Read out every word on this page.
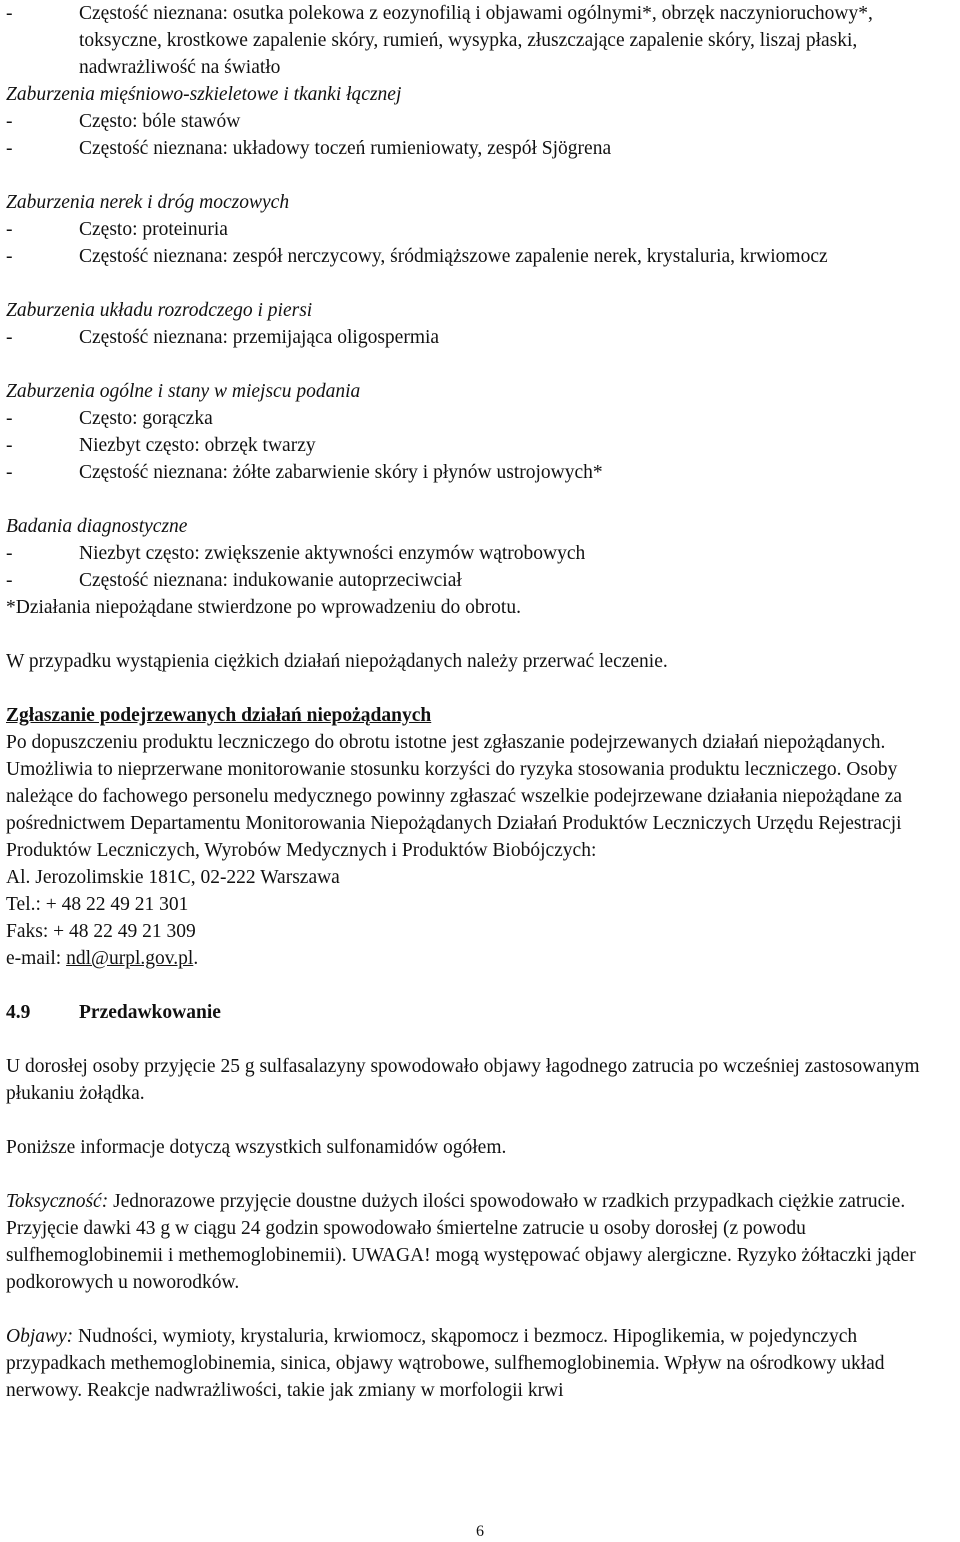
-	Częstość nieznana: osutka polekowa z eozynofilią i objawami ogólnymi*, obrzęk naczynioruchowy*, toksyczne, krostkowe zapalenie skóry, rumień, wysypka, złuszczające zapalenie skóry, liszaj płaski, nadwrażliwość na światło
Zaburzenia mięśniowo-szkieletowe i tkanki łącznej
-	Często: bóle stawów
-	Częstość nieznana: układowy toczeń rumieniowaty, zespół Sjögrena
Zaburzenia nerek i dróg moczowych
-	Często: proteinuria
-	Częstość nieznana: zespół nerczycowy, śródmiąższowe zapalenie nerek, krystaluria, krwiomocz
Zaburzenia układu rozrodczego i piersi
-	Częstość nieznana: przemijająca oligospermia
Zaburzenia ogólne i stany w miejscu podania
-	Często: gorączka
-	Niezbyt często: obrzęk twarzy
-	Częstość nieznana: żółte zabarwienie skóry i płynów ustrojowych*
Badania diagnostyczne
-	Niezbyt często: zwiększenie aktywności enzymów wątrobowych
-	Częstość nieznana: indukowanie autoprzeciwciał

*Działania niepożądane stwierdzone po wprowadzeniu do obrotu.

W przypadku wystąpienia ciężkich działań niepożądanych należy przerwać leczenie.

Zgłaszanie podejrzewanych działań niepożądanych

Po dopuszczeniu produktu leczniczego do obrotu istotne jest zgłaszanie podejrzewanych działań niepożądanych. Umożliwia to nieprzerwane monitorowanie stosunku korzyści do ryzyka stosowania produktu leczniczego. Osoby należące do fachowego personelu medycznego powinny zgłaszać wszelkie podejrzewane działania niepożądane za pośrednictwem Departamentu Monitorowania Niepożądanych Działań Produktów Leczniczych Urzędu Rejestracji Produktów Leczniczych, Wyrobów Medycznych i Produktów Biobójczych:

Al. Jerozolimskie 181C, 02-222 Warszawa

Tel.: + 48 22 49 21 301

Faks: + 48 22 49 21 309

e-mail: ndl@urpl.gov.pl.

4.9	Przedawkowanie

U dorosłej osoby przyjęcie 25 g sulfasalazyny spowodowało objawy łagodnego zatrucia po wcześniej zastosowanym płukaniu żołądka.

Poniższe informacje dotyczą wszystkich sulfonamidów ogółem.

Toksyczność: Jednorazowe przyjęcie doustne dużych ilości spowodowało w rzadkich przypadkach ciężkie zatrucie. Przyjęcie dawki 43 g w ciągu 24 godzin spowodowało śmiertelne zatrucie u osoby dorosłej (z powodu sulfhemoglobinemii i methemoglobinemii). UWAGA! mogą występować objawy alergiczne. Ryzyko żółtaczki jąder podkorowych u noworodków.

Objawy: Nudności, wymioty, krystaluria, krwiomocz, skąpomocz i bezmocz. Hipoglikemia, w pojedynczych przypadkach methemoglobinemia, sinica, objawy wątrobowe, sulfhemoglobinemia. Wpływ na ośrodkowy układ nerwowy. Reakcje nadwrażliwości, takie jak zmiany w morfologii krwi

6
